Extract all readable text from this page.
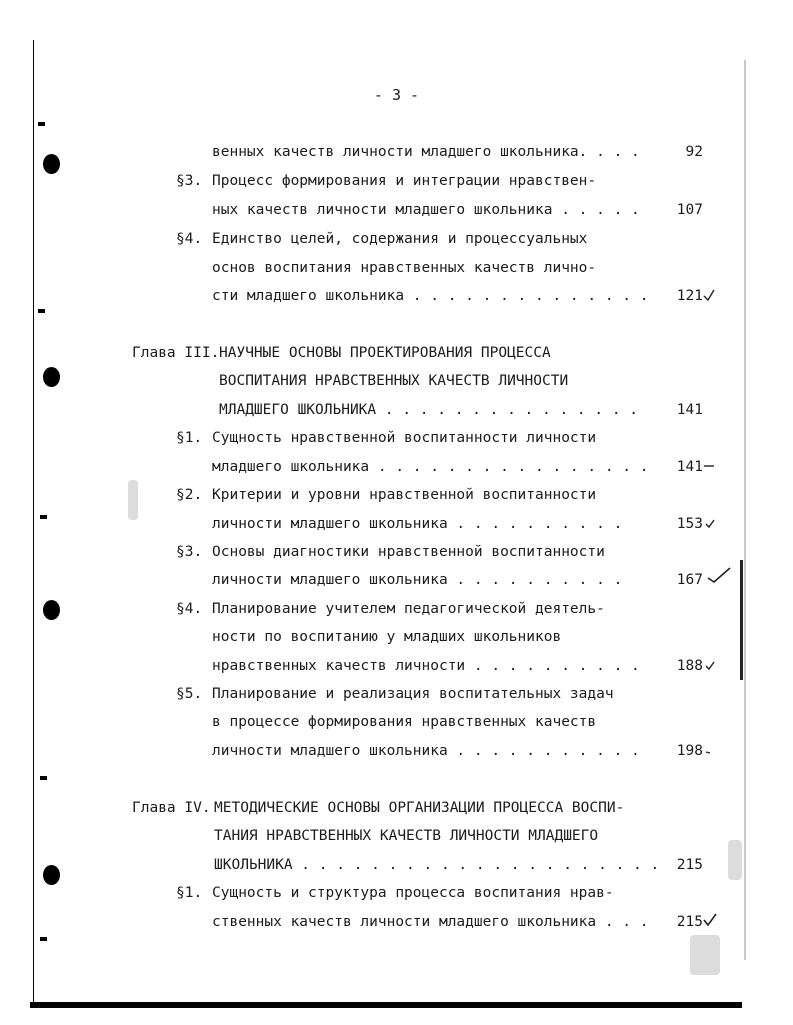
- 3 -
венных качеств личности младшего школьника. . . .	92
§3. Процесс формирования и интеграции нравствен-
ных качеств личности младшего школьника . . . . .	107
§4. Единство целей, содержания и процессуальных
основ воспитания нравственных качеств личнo-
сти младшего школьника . . . . . . . . . . . . . .	121
Глава III. НАУЧНЫЕ ОСНОВЫ ПРОЕКТИРОВАНИЯ ПРОЦЕССА
ВОСПИТАНИЯ НРАВСТВЕННЫХ КАЧЕСТВ ЛИЧНОСТИ
МЛАДШЕГО ШКОЛЬНИКА . . . . . . . . . . . . . . .	141
§1. Сущность нравственной воспитанности личности
младшего школьника . . . . . . . . . . . . . . . .	141
§2. Критерии и уровни нравственной воспитанности
личности младшего школьника . . . . . . . . . .	153
§3. Основы диагностики нравственной воспитанности
личности младшего школьника . . . . . . . . . .	167
§4. Планирование учителем педагогической деятель-
ности по воспитанию у младших школьников
нравственных качеств личности . . . . . . . . . .	188
§5. Планирование и реализация воспитательных задач
в процессе формирования нравственных качеств
личности младшего школьника . . . . . . . . . . .	198
Глава IV. МЕТОДИЧЕСКИЕ ОСНОВЫ ОРГАНИЗАЦИИ ПРОЦЕССА ВОСПИ-
ТАНИЯ НРАВСТВЕННЫХ КАЧЕСТВ ЛИЧНОСТИ МЛАДШЕГО
ШКОЛЬНИКА . . . . . . . . . . . . . . . . . . . . .	215
§1. Сущность и структура процесса воспитания нрав-
ственных качеств личности младшего школьника . . .	215
